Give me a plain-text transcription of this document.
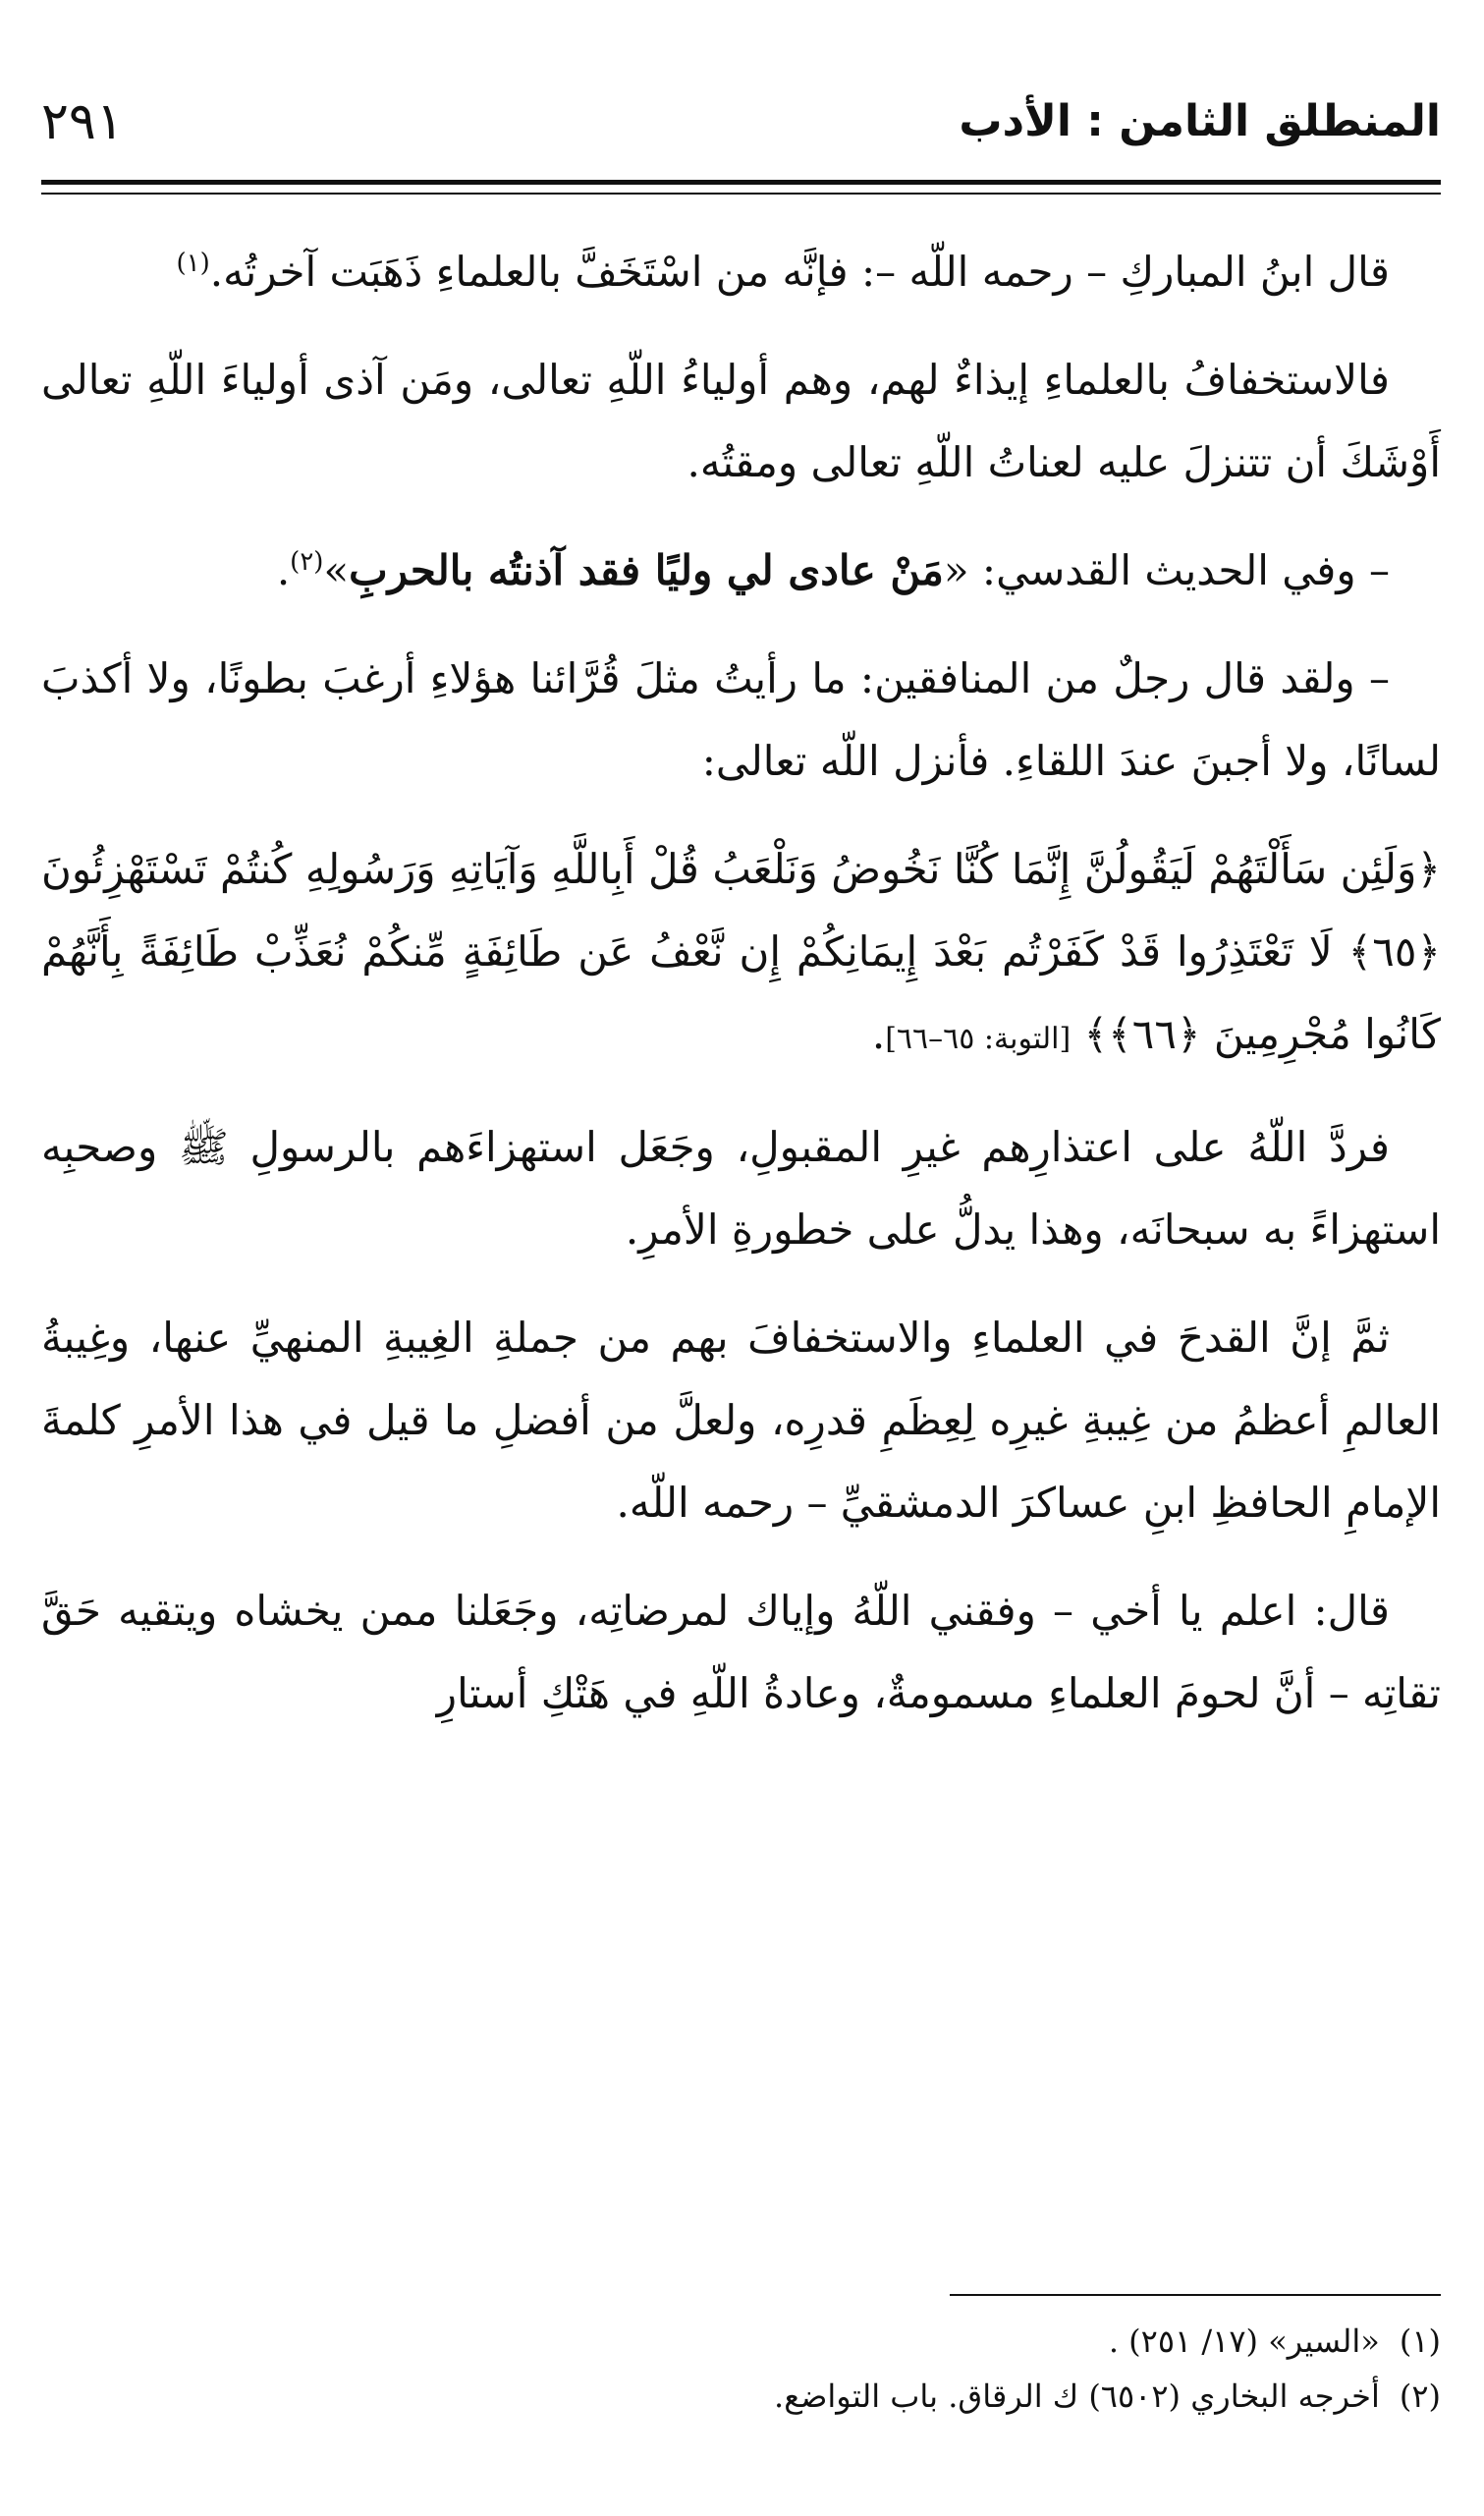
المنطلق الثامن : الأدب
٢٩١

قال ابنُ المباركِ – رحمه اللّه –: فإنَّه من اسْتَخَفَّ بالعلماءِ ذَهَبَت آخرتُه.$^{(١)}$

فالاستخفافُ بالعلماءِ إيذاءٌ لهم، وهم أولياءُ اللّهِ تعالى، ومَن آذى أولياءَ اللّهِ تعالى أَوْشَكَ أن تتنزلَ عليه لعناتُ اللّهِ تعالى ومقتُه.

– وفي الحديث القدسي: «مَنْ عادى لي وليًا فقد آذنتُه بالحربِ»$^{(٢)}$.

– ولقد قال رجلٌ من المنافقين: ما رأيتُ مثلَ قُرَّائنا هؤلاءِ أرغبَ بطونًا، ولا أكذبَ لسانًا، ولا أجبنَ عندَ اللقاءِ. فأنزل اللّه تعالى:

﴿وَلَئِن سَأَلْتَهُمْ لَيَقُولُنَّ إِنَّمَا كُنَّا نَخُوضُ وَنَلْعَبُ قُلْ أَبِاللَّهِ وَآيَاتِهِ وَرَسُولِهِ كُنتُمْ تَسْتَهْزِئُونَ ﴿٦٥﴾ لَا تَعْتَذِرُوا قَدْ كَفَرْتُم بَعْدَ إِيمَانِكُمْ إِن نَّعْفُ عَن طَائِفَةٍ مِّنكُمْ نُعَذِّبْ طَائِفَةً بِأَنَّهُمْ كَانُوا مُجْرِمِينَ ﴿٦٦﴾﴾ [التوبة: ٦٥–٦٦].

فردَّ اللّهُ على اعتذارِهم غيرِ المقبولِ، وجَعَل استهزاءَهم بالرسولِ ﷺ وصحبِه استهزاءً به سبحانَه، وهذا يدلُّ على خطورةِ الأمرِ.

ثمَّ إنَّ القدحَ في العلماءِ والاستخفافَ بهم من جملةِ الغِيبةِ المنهيِّ عنها، وغِيبةُ العالمِ أعظمُ من غِيبةِ غيرِه لِعِظَمِ قدرِه، ولعلَّ من أفضلِ ما قيل في هذا الأمرِ كلمةَ الإمامِ الحافظِ ابنِ عساكرَ الدمشقيِّ – رحمه اللّه.

قال: اعلم يا أخي – وفقني اللّهُ وإياك لمرضاتِه، وجَعَلنا ممن يخشاه ويتقيه حَقَّ تقاتِه – أنَّ لحومَ العلماءِ مسمومةٌ، وعادةُ اللّهِ في هَتْكِ أستارِ

(١)«السير» (١٧/ ٢٥١) .

(٢)أخرجه البخاري (٦٥٠٢) ك الرقاق. باب التواضع.
